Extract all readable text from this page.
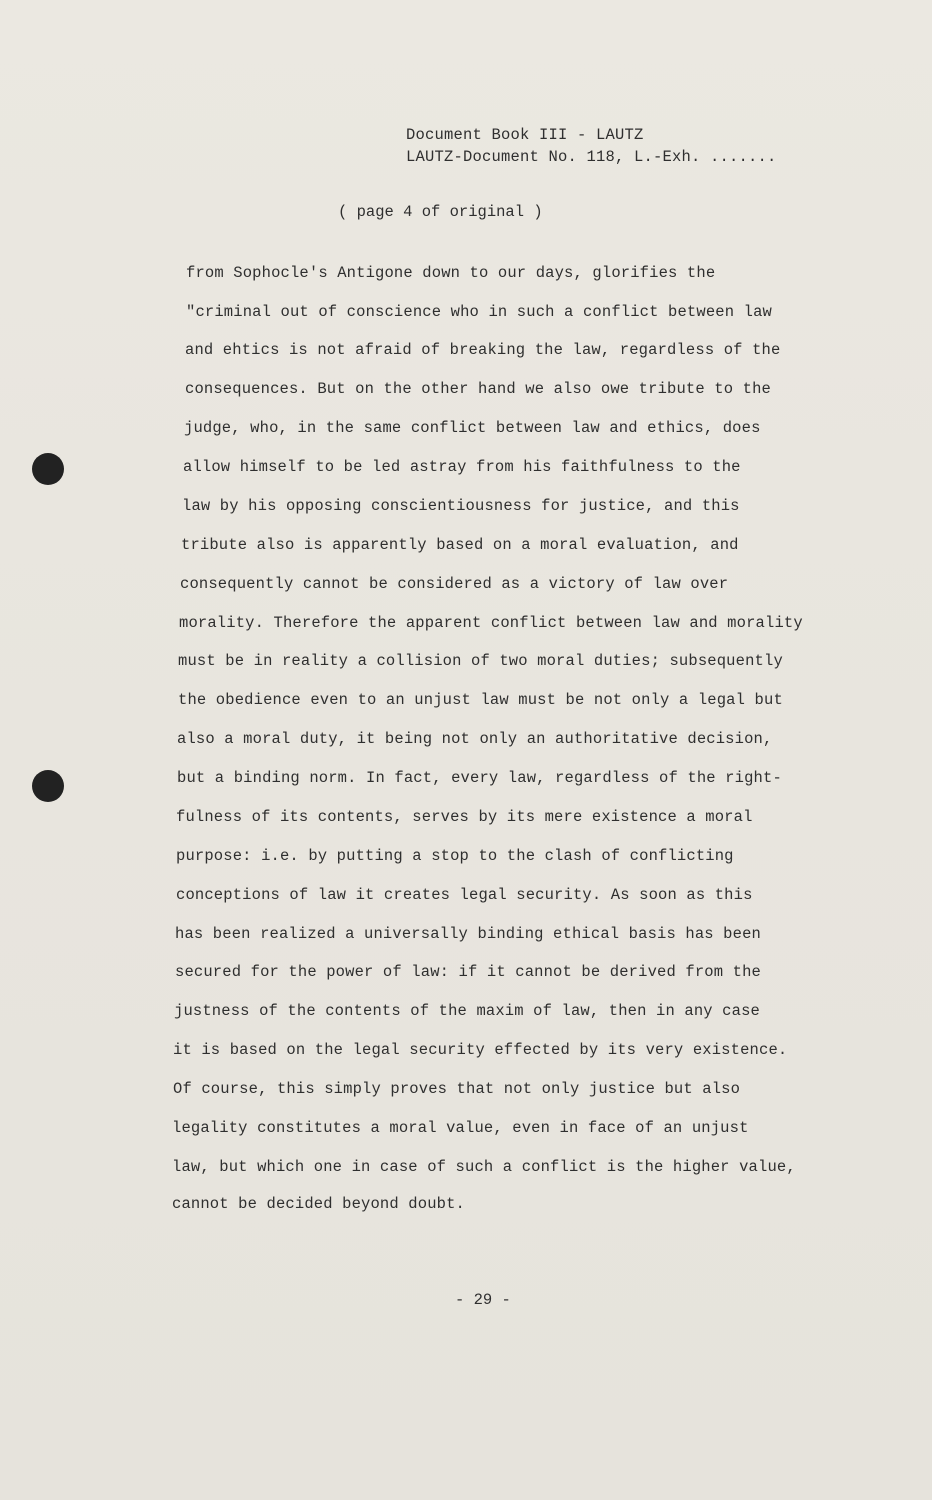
Document Book III - LAUTZ
LAUTZ-Document No. 118, L.-Exh. .......
( page 4 of original )
from Sophocle's Antigone down to our days, glorifies the
"criminal out of conscience who in such a conflict between law
and ehtics is not afraid of breaking the law, regardless of the
consequences. But on the other hand we also owe tribute to the
judge, who, in the same conflict between law and ethics, does
allow himself to be led astray from his faithfulness to the
law by his opposing conscientiousness for justice, and this
tribute also is apparently based on a moral evaluation, and
consequently cannot be considered as a victory of law over
morality. Therefore the apparent conflict between law and morality
must be in reality a collision of two moral duties; subsequently
the obedience even to an unjust law must be not only a legal but
also a moral duty, it being not only an authoritative decision,
but a binding norm. In fact, every law, regardless of the right-
fulness of its contents, serves by its mere existence a moral
purpose: i.e. by putting a stop to the clash of conflicting
conceptions of law it creates legal security. As soon as this
has been realized a universally binding ethical basis has been
secured for the power of law: if it cannot be derived from the
justness of the contents of the maxim of law, then in any case
it is based on the legal security effected by its very existence.
Of course, this simply proves that not only justice but also
legality constitutes a moral value, even in face of an unjust
law, but which one in case of such a conflict is the higher value,
cannot be decided beyond doubt.
- 29 -
